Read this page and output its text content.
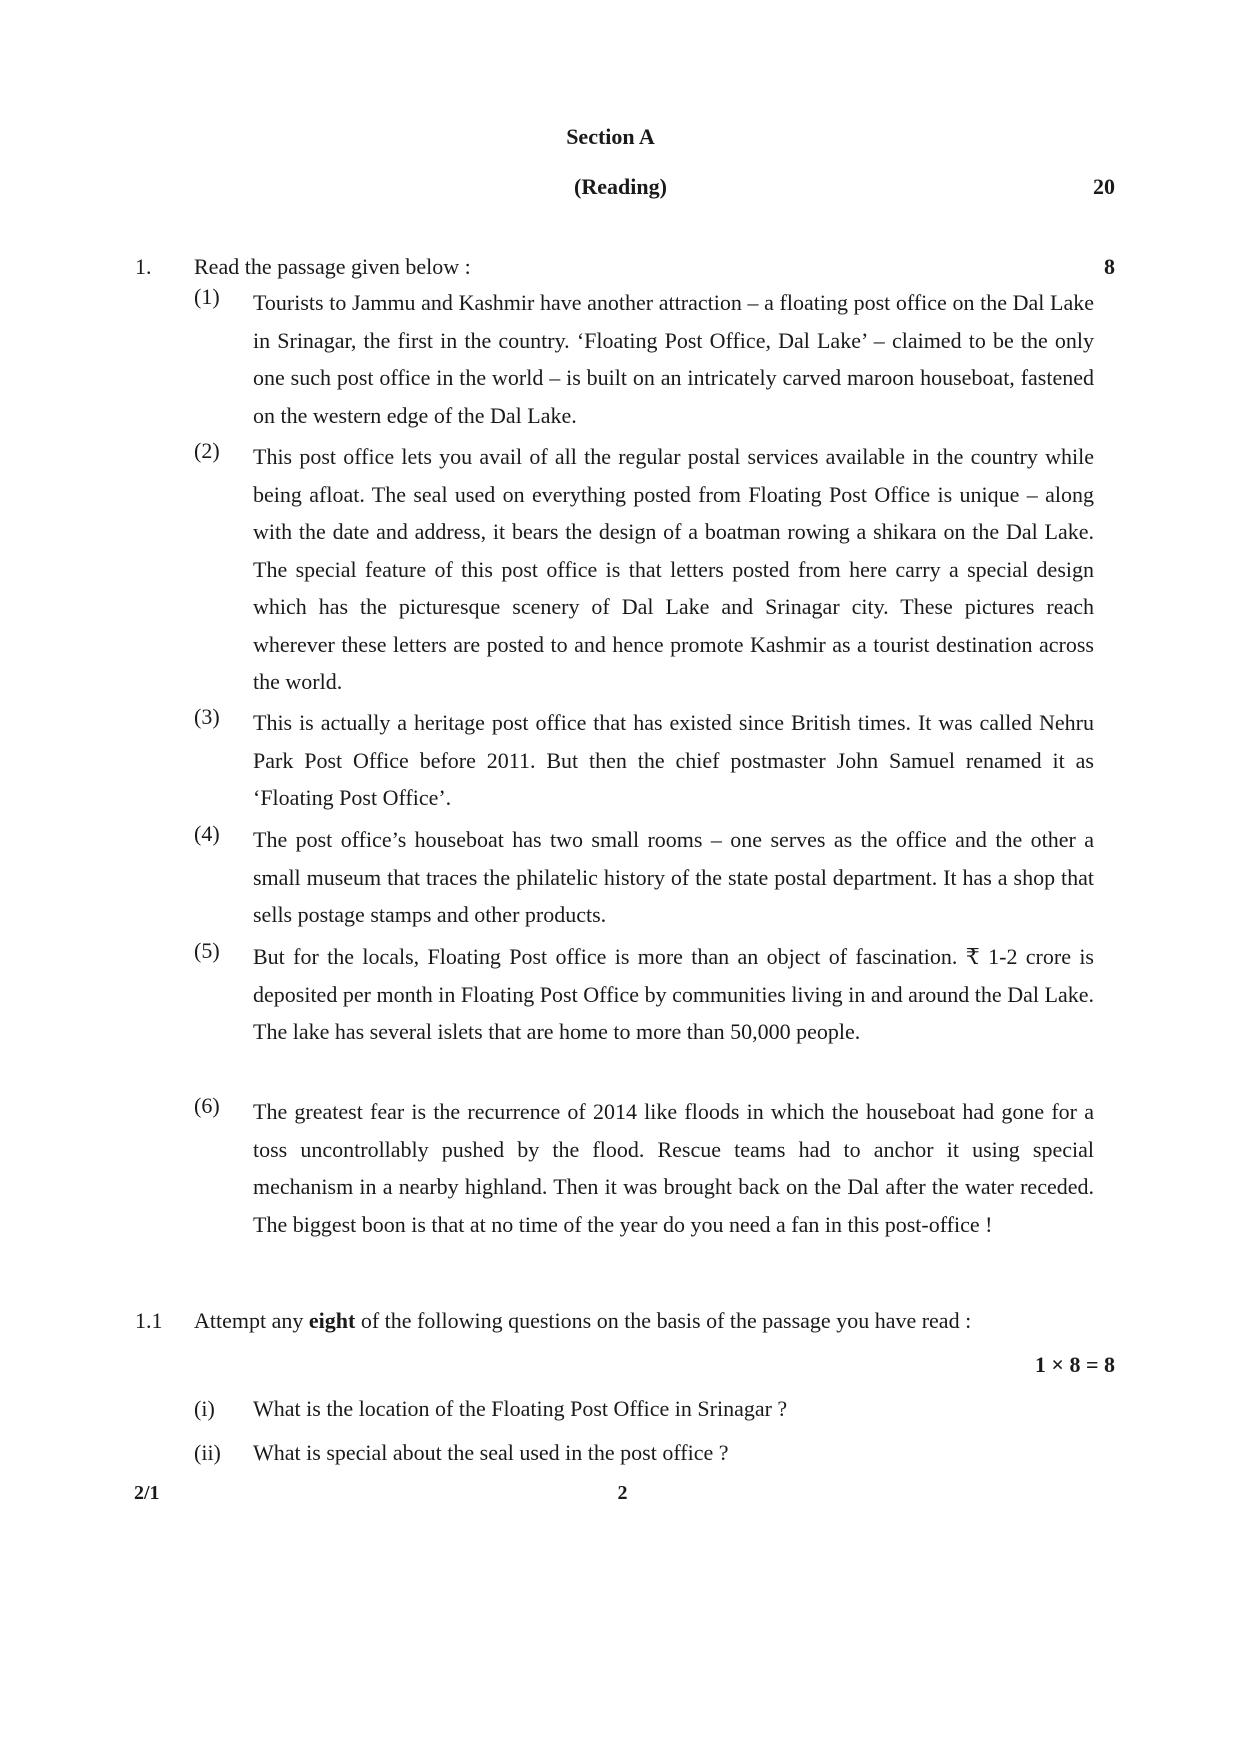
Section A
(Reading)	20
1. Read the passage given below :	8
(1)	Tourists to Jammu and Kashmir have another attraction – a floating post office on the Dal Lake in Srinagar, the first in the country. ‘Floating Post Office, Dal Lake’ – claimed to be the only one such post office in the world – is built on an intricately carved maroon houseboat, fastened on the western edge of the Dal Lake.
(2)	This post office lets you avail of all the regular postal services available in the country while being afloat. The seal used on everything posted from Floating Post Office is unique – along with the date and address, it bears the design of a boatman rowing a shikara on the Dal Lake. The special feature of this post office is that letters posted from here carry a special design which has the picturesque scenery of Dal Lake and Srinagar city. These pictures reach wherever these letters are posted to and hence promote Kashmir as a tourist destination across the world.
(3)	This is actually a heritage post office that has existed since British times. It was called Nehru Park Post Office before 2011. But then the chief postmaster John Samuel renamed it as ‘Floating Post Office’.
(4)	The post office’s houseboat has two small rooms – one serves as the office and the other a small museum that traces the philatelic history of the state postal department. It has a shop that sells postage stamps and other products.
(5)	But for the locals, Floating Post office is more than an object of fascination. ₹ 1-2 crore is deposited per month in Floating Post Office by communities living in and around the Dal Lake. The lake has several islets that are home to more than 50,000 people.
(6)	The greatest fear is the recurrence of 2014 like floods in which the houseboat had gone for a toss uncontrollably pushed by the flood. Rescue teams had to anchor it using special mechanism in a nearby highland. Then it was brought back on the Dal after the water receded. The biggest boon is that at no time of the year do you need a fan in this post-office !
1.1 Attempt any eight of the following questions on the basis of the passage you have read :
1 × 8 = 8
(i) What is the location of the Floating Post Office in Srinagar ?
(ii) What is special about the seal used in the post office ?
2/1	2
